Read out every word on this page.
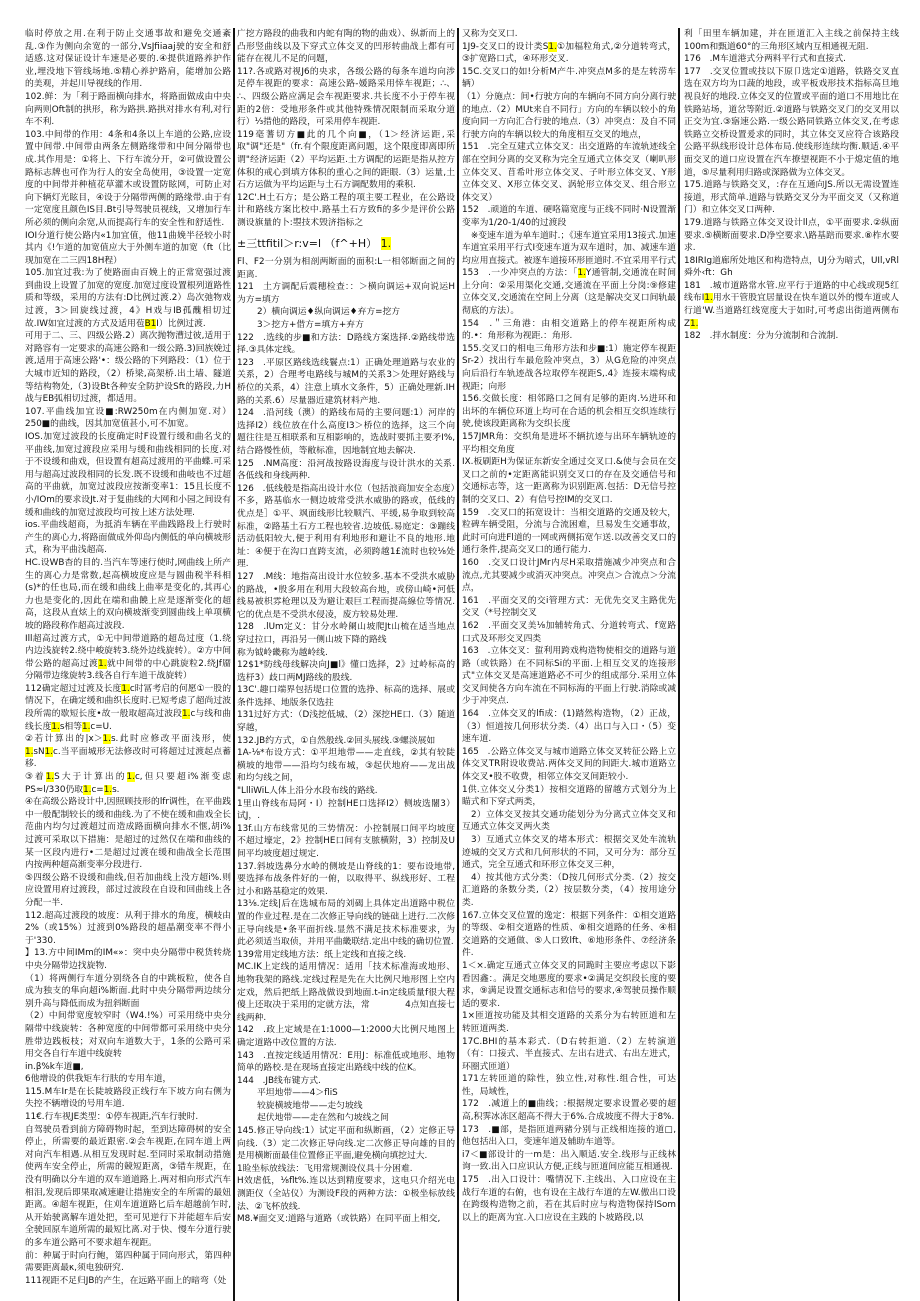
临时停放之用.在利于防止交通事故和避免交通紊乱.③作为侧向余宽的一部分,VsJfiiaaj驶的安全和舒适感.这对保证设计车速是必要的.④提供道路养护作业,埋没地下管线场地.⑤精心养护路肩，能增加公路的美观，并起川导视线的作用.

102.鲜：为「利于路面横向排水，将路面做成由中央向两则Oft制的拱形，称为路拱.路拱对排水有利,对行车不利.

103.中间带的作用：4条和4条以上车道的公路,应设置中间带.中间带由两条左侧路缘带和中间分隔带也成.其作用是：①将上、下行车流分开，②可做设置公路标志牌也可作为行人的安全岛使用，③设置一定宽度的中间带并种植花草灌木或设置防眩网，可防止对向下辆灯光眩目，④设于分隔带两侧的路缘带.由于有一定宽度且颜色IS目.Bt引导驾驶员视线，又增加行车所必须的侧向余宽,从而提高行车的安全性和舒适性.

IOI分道行使公路内«1加宜值，他11曲娩半径较小时其内《!乍道的加宽值应大于外侧车道的加宽（ft（比现加宽在二三四18H程）

105.加宜过我:为了使路面由百娩上的正常宽强过渡到曲设上设置了加宽的宽度.加宽过度设置根列道路性质和等级，采用的方法有:D比例过渡.2）岛次弛物戏过渡，3＞回旋线过渡，4》H戏与IB孤醜相切过故.IW如宜过渡的方式及适用苞B1I）比例过渡.

可用于二、三、四级公路.2）离次抛物漕过彼,适用于对路容有一定要求的高速公路和一级公路.3)回族娩过渡,适用于高速公路'•：级公路的下列路段：（1）位于大城市近知的路段，（2）桥梁,高架桥.出土墙、隧道等结构物处,（3)设Bt各种安全防护设Sft的路段,力H战与EB弧相切过渡，都适用。

107.平曲线加宜设■:RW250m在内侧加宽.对）250■的曲线，因其加宽值甚小,可不加宽。

IOS.加宽过波段的长度确定时F设置行缓和曲名戈的平曲线,加宽过渡段应采用与缓和曲线相同的长度.对于不设缓和曲戏，但设置有超高过渡用的平曲蝶.可采用与超高过波段相同的长发.既不设缓和曲岐也不过超高的平曲就，加宽过波段应按渐变率1：15且长度不小/IOm的要求设Jt.对于复曲线的大网和小园之间设有缓和曲线的加宽过波段均可按上述方法处理.

ios.平曲线超商，为抵消车辆在平曲践路段上行驶时产生的离心力,将路面做成外仰岛内侧低的单向横坡形式，称为平曲浅超高.

HC.设WB杳的目的.当汽车等速行使时,网曲线上所产生的离心力是常数,起高横坡度应是与圆曲税半科相(s)*的任也局,而在缓和曲线上曲率是变化的,其再心力也是变化的,因此在端和曲饒上应是逐渐变化的超高，这段从直炫上的双向横坡渐变到圆曲线上单项横坡的路段称作超高过波段.

Ill超高过渡方式，①无中间带道路的超岛过度（1.绕内边浅旋转2.绕中峻旋转3.绕外边线旋转）。②方中间带公路的超高过渡1.就中间带的中心跳旋粒2.绕Jf靥分隔带边缘旋转3.线各自行车道干战旋转）

112确定超过过渡及长度1.c时冨考启的何愿①一股的情况下，在确定缓和曲织长度时.已短考虑了超尚过波段所需的歇短长度•故一般取超高过波段1.c与线和曲线长度1.s相等1.c=U.

②若计算出的|x＞1.s.此时应修改平面浅形，使1.sN1.c.当平面城形无法修改时可将超过过渡起点蓄移.

③着1.S大于计算出的1.c,但只要超i%渐变虑PS≈l/330仍取1.c=1.s.

④在高级公路设计中,因照顾技形的lfr调性，在平曲践中一般配制较长的缓和曲线.为了不使在缓和曲戏全长范曲内均匀过渡超过而造成路面横向排水不惬,胡i%过渡可采取以下措施：是超过的过然仅在端和曲线的某一区段内进行•二是超过过渡在缓和曲战全长范围内按两种超高渐变率分段进行.

⑤四级公路不设缓和曲线,但若加曲线上没方超i%.则应设置用府过渡段，部过过波段在自设和回曲线上各分配一半.

112.超高过渡段的坡度：从利于排水的角度，横岐由2%（或15%）过渡到0%路段的超晶潮变率不得小于'330.

】13.方中间IMm的IM«»：突中央分隔带中税货转烧中央分隔带边找旋物.

（1）将两侧行车道分别绕各自的中跳板粒，使各自成为独支的隼向超i%断面.此时中央分隔带两边续分别升高与降低而成为扭斜断面

（2）中间带宽度较窄时（W4.!%）可采用绕中央分隔带中线旋转：各种宽度的中间带都可采用绕中央分胜带边践板枝；对双向车道数大于，1条的公路可采用交各自行车道中线旋转

in.β%k车道■,

6他增设的供我矩车行肤的专用车道，

115.M车Ir是在长陡坡路段正线行车下坡方向右侧为失控不辆增设的号用车道.

11€.行车视JE类型：①停车视距,汽车行驶时.

自驾驶员看到前方障碍物时起，至到达障碍树的安全停止，所需要的最近跟密.②会车视距,在同车道上两对向汽车相遇.从相互发现时起.至同时采取制动措施使两车安全停止，所需的競短距离，③错车规距，在没有明确以分车道的双车道道路上.两对相向形式汽车相泪,发现后即果取减速避让措施安全的车所需的最妞距离。④超车视距，住刈车道道路匕后车超越前乍时,从开始驶离解车道处把，至可见逆行下并能超车后安全驶回原车道所需的最短比离.对于快、慢车分道行驶的多车道公路可不要求超车视距。

前：种属于时向行鲍，第四种属于同向形式，第四种需要距离最κ,须电独研究.

111视距不足归JB的产生，在远路平面上的暗弯（处

广挖方路段的曲我和内蛇有陶的物的曲戏）、纵新而上的凸形竖曲线以及下穿式立体交叉的凹形转曲战上都有可能存在视儿不足的问题，

11?.各或路对视J6的央求，各级公路的每条车道均向涉足停车视距的要求：高速公路-媛路采用悻车视距；∴、∴、四级公路应满足会车视距要求.共长度不小于停车视距的2倍：受地形条件或其他特殊情况限制而采取分道行）⅓措他的路段，可采用停车视距.

119毫蓍切方■此的几个向■，（1＞经济运距,采取"调"还是"（fr.有个限度距离问题，这个限度即离即所谓"经济运距（2）平均运距.土方调配的运距是指从控方体积的戒心到填方体积的重心之间的距眼.（3）运量,土石方运做为平均运距与土石方调配数用的乘积.

12C'.H土石方；是公路工程的项主要工程业，在公路设计和路线方案比校中.路基土石方致fi的多少是评价公路测设旗量的卜:曌技术毁济指标之

±三ttfitil＞r:v=l （f^+H） 1.

Fl、F2一分别为相剖两断面的面积:L一相邻断面之间的距离.

121　土方调配后震穗检查：：＞横向调运+双向说运H为方=填方

2）横向调运♦纵向调运♦弃方=挖方

3＞挖方+借方=填方+弃方

122　.选线的步■和方法：D路线方案选择.②路线带选择.③具体定线。

123　.平原区路线选线鬟点:1）正确处理道路与农业的关系，2）合理考电路线与城M的关系3＞处理好路线与桥位的关系，4）注意上填水文条件，5）正确处理新.IH路的关系.6）尽量器近建筑材料产地.

124　.沿河线（澳）的路线布局的主要问题:1）河岸的选择I2）线位放在什么高度I3＞桥位的选择，这三个向题往往是互相联系和互相影响的，选战时要抓主要矛I%,结合路慢性侦，等敝标准，因地制宜地去解决.

125　.NM高度：沿河战按路设海度与设计洪水的关系.各低线和身线两种.

126　.低线般是指高出设计水位（包括浪商加安全态度）不多，路基临水一侧边坡常受洪水威胁的路或，低线的优点是］①平、飒面线形比较顺汽、平缓,易争取到较高标准，②路基土石方工程也较省.边坡低.易庭定：③蹦线活动低阳较大,便于利用有利地形和避让不良的地形.地址：④便于在沟口直跨支流，必须跨越1£流时也较⅛处理.

127　.M线：地指高出设计水位较多.基本不受洪水威胁的路战，•殷多用在利用大段较高台地，或傍山崎•河低线易被枳雰枪理以及为避让艰巨工程而提高線位等情况.它的优点是不受洪水侵凌，废方较易处理.

128　.lUm定义：甘分水岭阑山坡爬Jt山梳在适当地点穿过拉口，再沿另一侧山坡下降的路线

称为钺岭畿称为越岭线.

12$1*防线母线解决向J■l》懂口选择，2》过岭标高的选杼3）歧口两MJ路线的股线.

13C'.趣口端界包括堤口位置的选挣、标高的选择、展或条件选择、地版条仅选拄

131过好方式：（D浅挖低城、（2）深挖HE口.（3）随道穿越，

132.JB约方式，①自然般线.②回头展线.③螺淡展如

1A-⅛*布设方式：①平坦地带——走直线，②其有较陡横坡的地带——沿均匀线布城，③起伏地府——龙出战和均匀线之间，

"LlliWiL人体上沿分水段布线的路线.

1里山脊线布局阿・I）控制HE口选择I2）侧坡选闍3）试J，.

13f.山方布线常见的三势情况：小控制展口间平均坡度不超过壕定，2》控制HE口间有支脓横附，3）控制及U间平均坡度超过规定.

137.斜坡选鼻分水岭的侧坡是山脊线的1：要布设地带,要选择布战条件好的一俯，以取得平、纵线形好、工程过小和路基稳定的效果.

13⅛.定线|后在选城布局的刘碣上具体定出道路中税位置的作业过程.是在二次修正导向线的链础上进行.二次修正导向线是•条平面折线.显然不满足技术标准要求，为此必须适当取侦，并用平曲畿联结.定出中线的确切位置.

139常用定线地方法：纸上定线和直接之线.

MC.IK上定线的适用情况：适用「技术标准海或地形、地物我架的路线.定线过程是先在大比例尺地形图上空内定戏，然后把纸上路战做设到地面.t-in定线质量f很大程傻上还取决于采用的定就方法，常　　　　4点知直接七线两种.

142　.政上定域是在1:1000—1:2000大比例尺地图上确定道路中改位置的方法.

143　.直按定线适用情况：E用J：标准低或地形、地物简单的路校.是在现场直接定出路线中线的位K。

144　.JB线布键方式.

平坦地带——4＞fliS

较旋横坡地带——走匀坡线

起伏地带——走在然和勺坡线之间

145.修正导向线:1）试定平面和纵断画，（2）定修正导向线.（3）定二次修正导向线.定二次修正导向雄的目的是用横断面最佳位置修正平面,避免横向填挖过大.

1睑坐标放线法：飞用常规测设仪具十分困难.

H效虐低，⅛flt%.连以达到精度要求，这电只介绍光电测距仪（全站仪）为测设F段的两种方法：①极坐标放线法、②飞杯放线.

M8.¥面交叉:道路与道路（或铁路）在同平面上相交,

又称为交叉口.

1J9-交叉口的设计类S1.①加楅粒角式,②分道转弯式，③扩宽路口式，④环形交叉.

15C.交叉口的如!分析M产牛.冲突点M多的是左转涝车辆）

（1）分施点：间•行驶方向的车辆向不同方向分离行驶的地点.（2）MUt来自不同行」方向的车辆以较小的角度向同一方向汇合行驶的地点.（3）冲突点：及自不同行驶方向的车辆以较大的角度相互交叉的地点，

151　.完全互建式立体交叉：出交道路的车流轨迹线全部在空间分离的交叉称为完全互通式立体交叉（喇叭形立体交叉、苜希叶形立体交叉、子叶形立体交叉、Y形立体交叉、X形立体交叉、涡轮形立体交叉、组合形立体交叉）

152　.顽道的车道、硬咯篇宽度与正线不同时·N设置渐变率为1/20-1/40的过渡段

　※变速车道为单车道时.；《速车道宜采用13接式.加速车道宜采用平行式I变速车道为双车道时，加、减速车道均应用直接式。被逐车道接环形匝道时.不宜采用平行式

153　.一少冲突点的方法：「1.Y通管制,交通流在时间上分向：②采用渠化交通,交通流在平面上分岗:⑨修建立体交叉,交通流在空间上分离（这是解决交叉口间轨最彻底的方法）。

154　.＂三角港：由相交道路上的停车视距所构成的.•：角形称为视距.：角形.

155.交叉口的相电三角形方法和步■:1）施定停车视距Sr-2）找出行车最危险冲突点，3）从G危险的冲突点向后沿行车轨迹战各垃取停车视距S,.4》连接末端构成视距；向形

156.交做长度：相邻路口之间有足够的距肉.½进环和出坏的车辆位环道上均可在合适的机会相互交织连续行驶,使该段距离称为交织长度

157JMR角：交织角是进坏不辆抗迹与出环车辆轨迹的平均相交角度

IX.板刷距H为保证东新安全通过交叉口.&使与会员在交叉口之前的•定距离能识别交叉口的存在及交通信号和交通标志等，这一距离称为识别距离.包括：D无信号控制的交叉口、2）有信号控IM的交叉口.

159　.交叉口的拓宽设计：当相交道路的交通及较大，粒碑车辆受阻，分流与合流困难，旦易发生交通事故，此时可向进Fl道的一网或两侧拓宽乍送.以改善交叉口的通行条件,提高交叉口的通行能力.

160　.交叉口设计JMr内尽H采取措施减少冲突点和合流点,尤其要减少或消灭冲突点。冲突点＞合流点＞分流点，

161　.平面交叉的交i管理方式：无优先交叉主路优先交叉（*号控制交叉

162　.平面交叉美⅛加辅转角式、分道转弯式、f宽路口式及环形交叉四类

163　.立体交叉：蜇利用跨戏构造物使相交的道路与道路（或铁路）在不同标Si的平面.上相互交叉的连接形式"立体交叉是高速道路必不可少的组成部分.采用立体交叉间使各方向车流在不同标海的平面上行驶.消除或减少于冲突点.

164　.立体交叉的lfi成：(1)踏然构造物，（2）正战，（3）恒道按几何形状分类.（4）出口与入口・（5）变速车道.

165　.公路立体交叉与城市道路立体交叉转征公路上立体交叉TR附设收费站.两体交叉间的间距大.城市道路立体交叉•股不收费，相邻立体交叉间距较小.

1供.立体交乂分类1）按相交道路的留越方式划分为上瞄式和下穿式两类，

　2）立体交叉按其交通功能划分为分离式立体交叉和互通式立体交叉两火类

　3）互通式立体交叉的堵本形式：根据交叉处车流轨迹城的交叉方式和几何形状的不同，又可分为：部分互通式，完全互通式和环形立体交叉三种，

　4）按其他方式分类：（D按几何形式分类.（2）按交汇道路的条数分类,（2）按层数分类，（4）按用途分类.

167.立体交叉位置的逸定：根据下列条件：①相交道路的等级、②相交道路的性质、⑧相交道路的任务、④相交道路的交通做、⑤人口致lft、⑥地形条件、⑦经济条件.

1＜×.确定互通式立体交叉的同跪时主要应考虑以下影看因鑫：。满足交地悪度的要求•②满足交织段长度的要求，⑨满足设置交通标志和信号的要求,④驾驶员操作顺适的要求.

1×匝道按功能及其相交道路的关系分为右转匝道和左转匝道两类.

17C.BHI的基本彩式.（D右转拒道.（2）左转演道（有：口接式、半直接式、左出右进式、右出左进式，环圈式匝道）

171左转匝道的除性，独立性,对称性.组合性，可达性，局域性，

172　.减道上的■曲线；:根据规定要求设置必要的超高,积霁冰冻区超高不得大于6%.合成坡度不得大于8%.

173　.■部，是指匝道两豬分别与正线相连接的道□,他包括出入口，变速年道及辅助车道等。

i7＜■部设计的一m是：出入顺适.安全.线形与正线林询一致.出入口应识认方便,正线与匝道间应能互相通视.

175　.出入口设计：嘴情况下.主线出、入口应设在主战行车道的右俯，也有设在主战行车道的左W.傲出口设在跨级构造物之前，若在其后时应与构造物保持lSom以上的距离为宜.入口应设在主践的卜坡路段,以

利「田里车辆加建，并在匝道汇入主线之前保持主线100m和甄道60°的三角形区域内互相通视无阻.

176　.M车道港式分两料平行式和直接式.

177　.交叉位置或技以下原卩选定①道路，铁路交叉直选在双方均为口蔬的地段，或平板戏形技术指标高旦地视良好的地段.立体交叉的位置或平面的道口不用地比在铁路站场，道岔等附近.②道路与铁路交叉门的交叉用以正交为宜.③寤速公路.一级公路同铁路立体交叉,在考虑铁路立交桥设置爰求的同时，其立体交叉应符合该路段公路平纵线形设计总体布局.使线形连续均衡.顺适.④平面交叉的道口应设置在汽车撩望视距不小于熄定值的地道，⑤尽量利用归路或深路做为立体交叉。

175.道路与铁路交叉，:存在互通向JS.所以无需设置连接道，形式简单.道路与铁路交叉分为平面交叉（又称道门）和立体交叉口两种.

179.道路与铁路立体交叉设计ll点，①平面要求.②纵面要求.⑤横断面要求.D净空要求.\路基踣而要求.⑧柞水要求.

18IRIg道廊所处地区和构造特点，UJ分为暗式，UIl,vRl舜外‹ft：Gh

181　.城市道路常水管.应平行于道路的中心线或现5红线布I1.用水干管股宜居量设在快车道以外的慢车道或人行道'W.当道路红线宽度大于如时,可考虑出街道两侧布Z1.

182　.拌水制度：分为分流制和合流制.
